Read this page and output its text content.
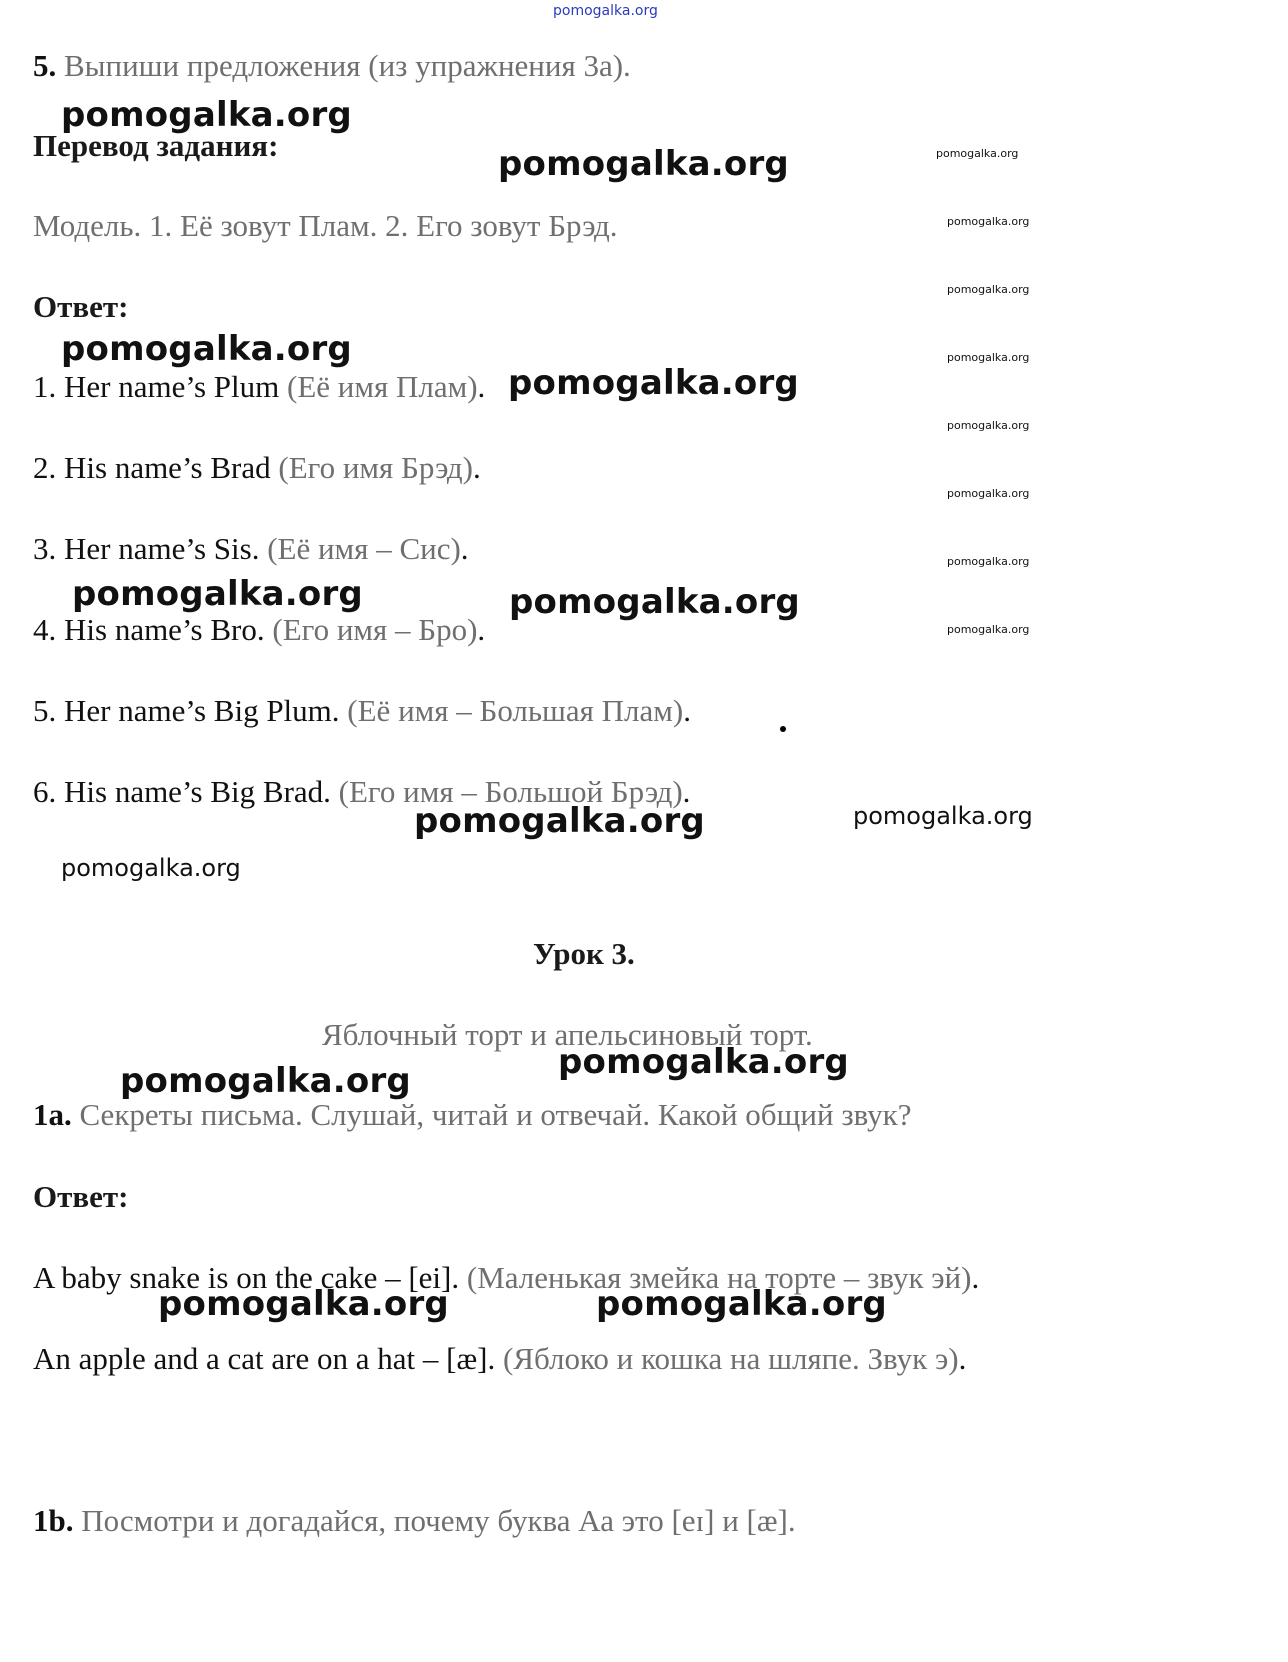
pomogalka.org
5. Выпиши предложения (из упражнения 3а).
Перевод задания:
Модель. 1. Её зовут Плам. 2. Его зовут Брэд.
Ответ:
1. Her name’s Plum (Её имя Плам).
2. His name’s Brad (Его имя Брэд).
3. Her name’s Sis. (Её имя – Сис).
4. His name’s Bro. (Его имя – Бро).
5. Her name’s Big Plum. (Её имя – Большая Плам).
6. His name’s Big Brad. (Его имя – Большой Брэд).
Урок 3.
Яблочный торт и апельсиновый торт.
1a. Секреты письма. Слушай, читай и отвечай. Какой общий звук?
Ответ:
A baby snake is on the cake – [ei]. (Маленькая змейка на торте – звук эй).
An apple and a cat are on a hat – [æ]. (Яблоко и кошка на шляпе. Звук э).
1b. Посмотри и догадайся, почему буква Аа это [eɪ] и [æ].
pomogalka.org
pomogalka.org
pomogalka.org
pomogalka.org
pomogalka.org	pomogalka.org
pomogalka.org
pomogalka.org
pomogalka.org
pomogalka.org	pomogalka.org
pomogalka.org
pomogalka.org
pomogalka.org
pomogalka.org
pomogalka.org
pomogalka.org
pomogalka.org
pomogalka.org
pomogalka.org
pomogalka.org
